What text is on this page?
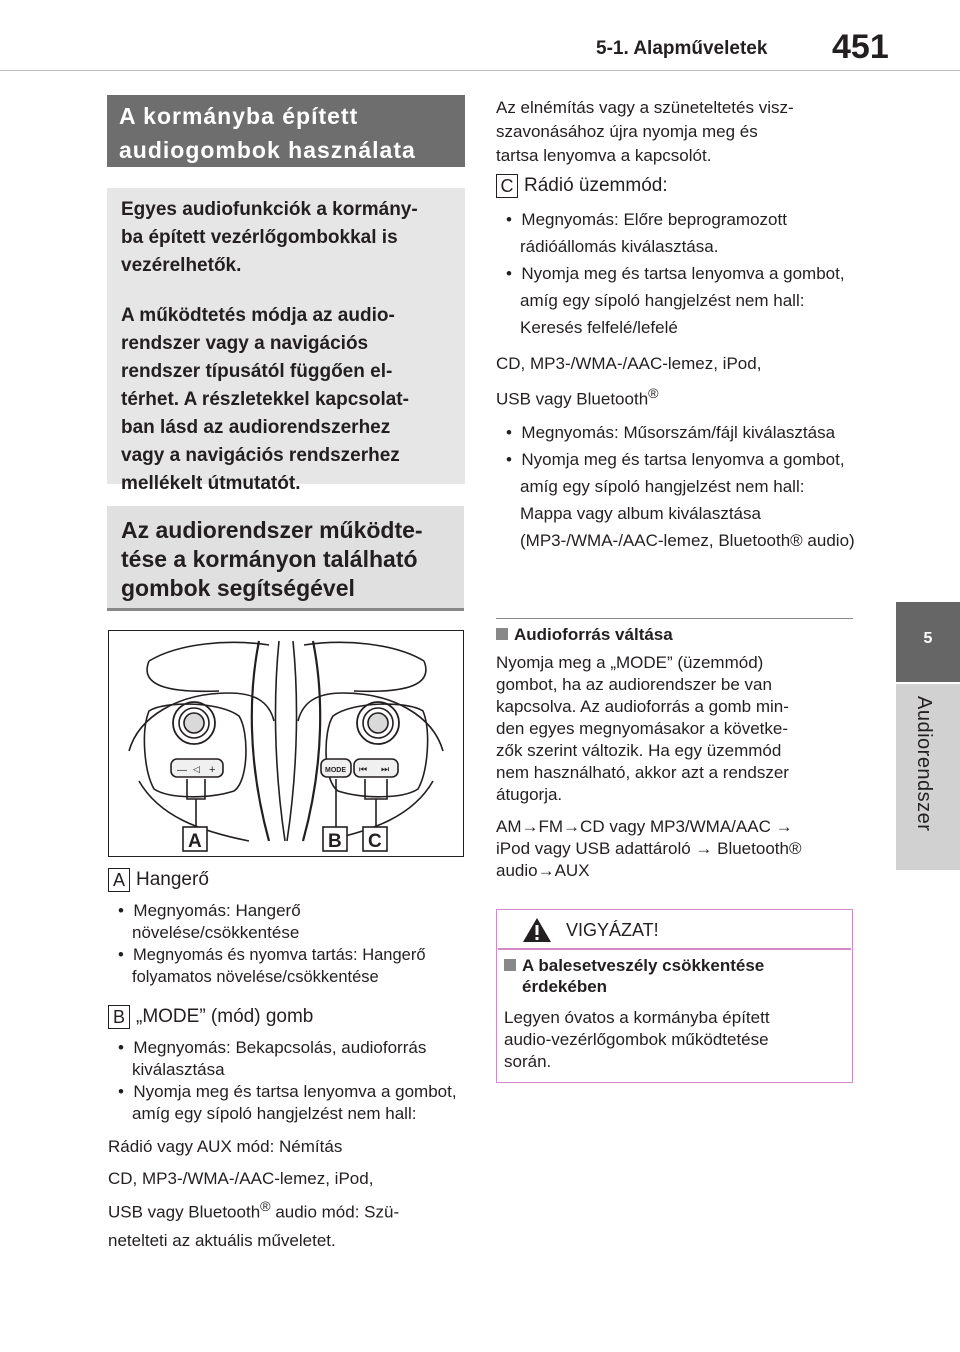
5-1. Alapműveletek 451
5
Audiorendszer
A kormányba épített
audiogombok használata

Egyes audiofunkciók a kormány-
ba épített vezérlőgombokkal is
vezérelhetők.

A működtetés módja az audio-
rendszer vagy a navigációs
rendszer típusától függően el-
térhet. A részletekkel kapcsolat-
ban lásd az audiorendszerhez
vagy a navigációs rendszerhez
mellékelt útmutatót.

Az audiorendszer működte-
tése a kormányon található
gombok segítségével
— ◁ +	MODE ⏮ ⏭
A	B C
A Hangerő

•  Megnyomás: Hangerő növelése/csökkentése

•  Megnyomás és nyomva tartás: Hangerő folyamatos növelése/csökkentése

B „MODE” (mód) gomb

•  Megnyomás: Bekapcsolás, audioforrás kiválasztása

•  Nyomja meg és tartsa lenyomva a gombot, amíg egy sípoló hangjelzést nem hall:

Rádió vagy AUX mód: Némítás

CD, MP3-/WMA-/AAC-lemez, iPod,
USB vagy Bluetooth® audio mód: Szü-
netelteti az aktuális műveletet.

Az elnémítás vagy a szüneteltetés visz-
szavonásához újra nyomja meg és
tartsa lenyomva a kapcsolót.
C Rádió üzemmód:

•  Megnyomás: Előre beprogramozott rádióállomás kiválasztása.

•  Nyomja meg és tartsa lenyomva a gombot, amíg egy sípoló hangjelzést nem hall: Keresés felfelé/lefelé

CD, MP3-/WMA-/AAC-lemez, iPod,
USB vagy Bluetooth®

•  Megnyomás: Műsorszám/fájl kiválasztása

•  Nyomja meg és tartsa lenyomva a gombot, amíg egy sípoló hangjelzést nem hall: Mappa vagy album kiválasztása (MP3-/WMA-/AAC-lemez, Bluetooth® audio)

Audioforrás váltása
Nyomja meg a „MODE” (üzemmód)
gombot, ha az audiorendszer be van
kapcsolva. Az audioforrás a gomb min-
den egyes megnyomásakor a követke-
zők szerint változik. Ha egy üzemmód
nem használható, akkor azt a rendszer
átugorja.
AM→FM→CD vagy MP3/WMA/AAC →
iPod vagy USB adattároló → Bluetooth®
audio→AUX
VIGYÁZAT!
A balesetveszély csökkentése
érdekében
Legyen óvatos a kormányba épített
audio-vezérlőgombok működtetése
során.
